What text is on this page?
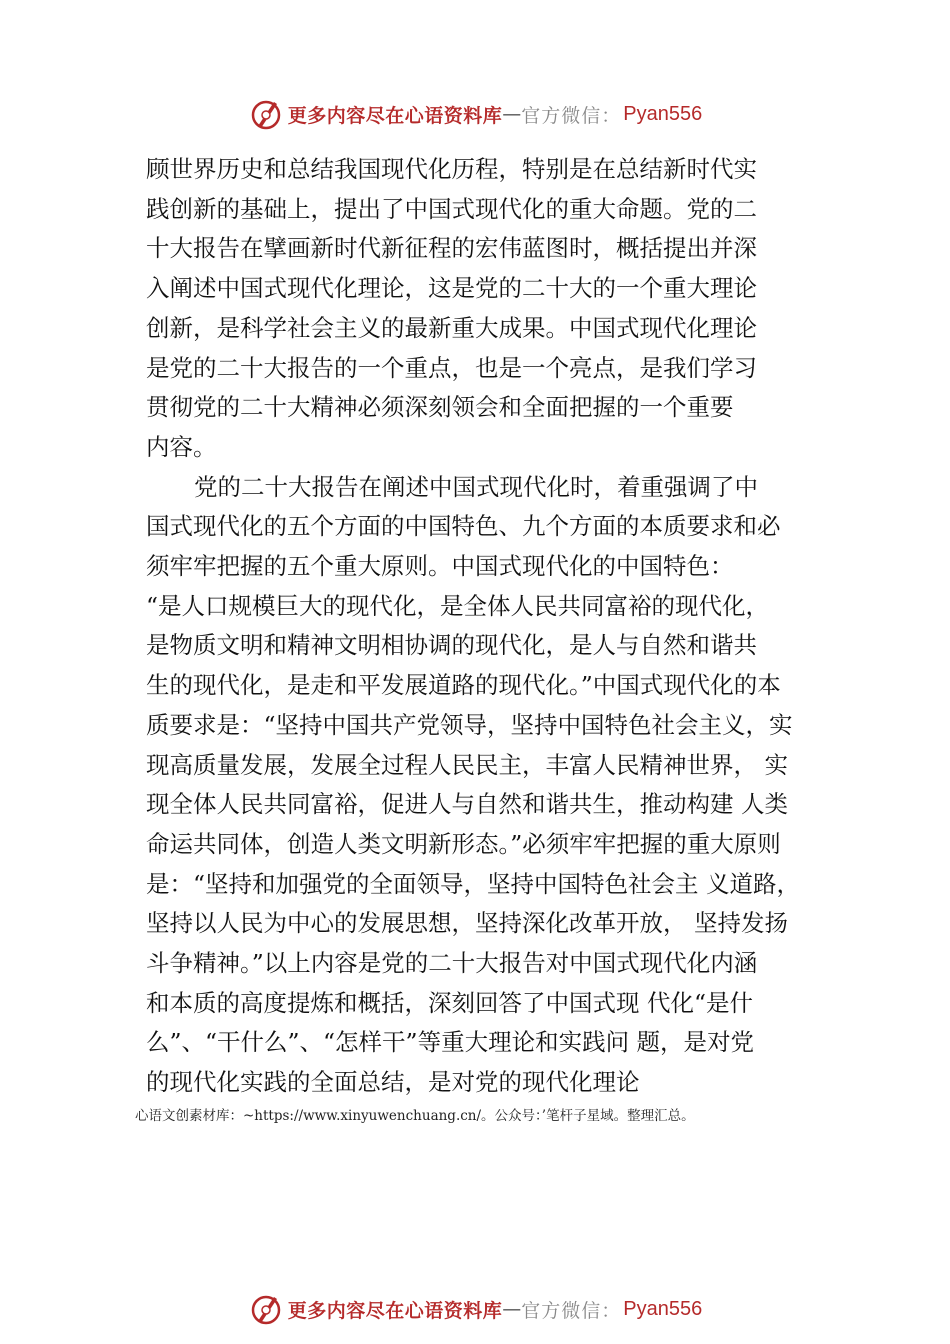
更多内容尽在心语资料库 — 官方微信： Pyan556
顾世界历史和总结我国现代化历程，特别是在总结新时代实
践创新的基础上，提出了中国式现代化的重大命题。党的二
十大报告在擘画新时代新征程的宏伟蓝图时，概括提出并深
入阐述中国式现代化理论，这是党的二十大的一个重大理论
创新，是科学社会主义的最新重大成果。中国式现代化理论
是党的二十大报告的一个重点，也是一个亮点，是我们学习
贯彻党的二十大精神必须深刻领会和全面把握的一个重要
内容。
党的二十大报告在阐述中国式现代化时，着重强调了中
国式现代化的五个方面的中国特色、九个方面的本质要求和必
须牢牢把握的五个重大原则。中国式现代化的中国特色：
“是人口规模巨大的现代化，是全体人民共同富裕的现代化，
是物质文明和精神文明相协调的现代化，是人与自然和谐共
生的现代化，是走和平发展道路的现代化。”中国式现代化的本
质要求是：“坚持中国共产党领导，坚持中国特色社会主义，实
现高质量发展，发展全过程人民民主，丰富人民精神世界， 实
现全体人民共同富裕，促进人与自然和谐共生，推动构建 人类
命运共同体，创造人类文明新形态。”必须牢牢把握的重大原则
是：“坚持和加强党的全面领导，坚持中国特色社会主 义道路，
坚持以人民为中心的发展思想，坚持深化改革开放， 坚持发扬
斗争精神。”以上内容是党的二十大报告对中国式现代化内涵
和本质的高度提炼和概括，深刻回答了中国式现 代化“是什
么”、“干什么”、“怎样干”等重大理论和实践问 题，是对党
的现代化实践的全面总结，是对党的现代化理论
心语文创素材库：~https://www.xinyuwenchuang.cn/。公众号：’笔杆子星域。整理汇总。
更多内容尽在心语资料库 — 官方微信： Pyan556
